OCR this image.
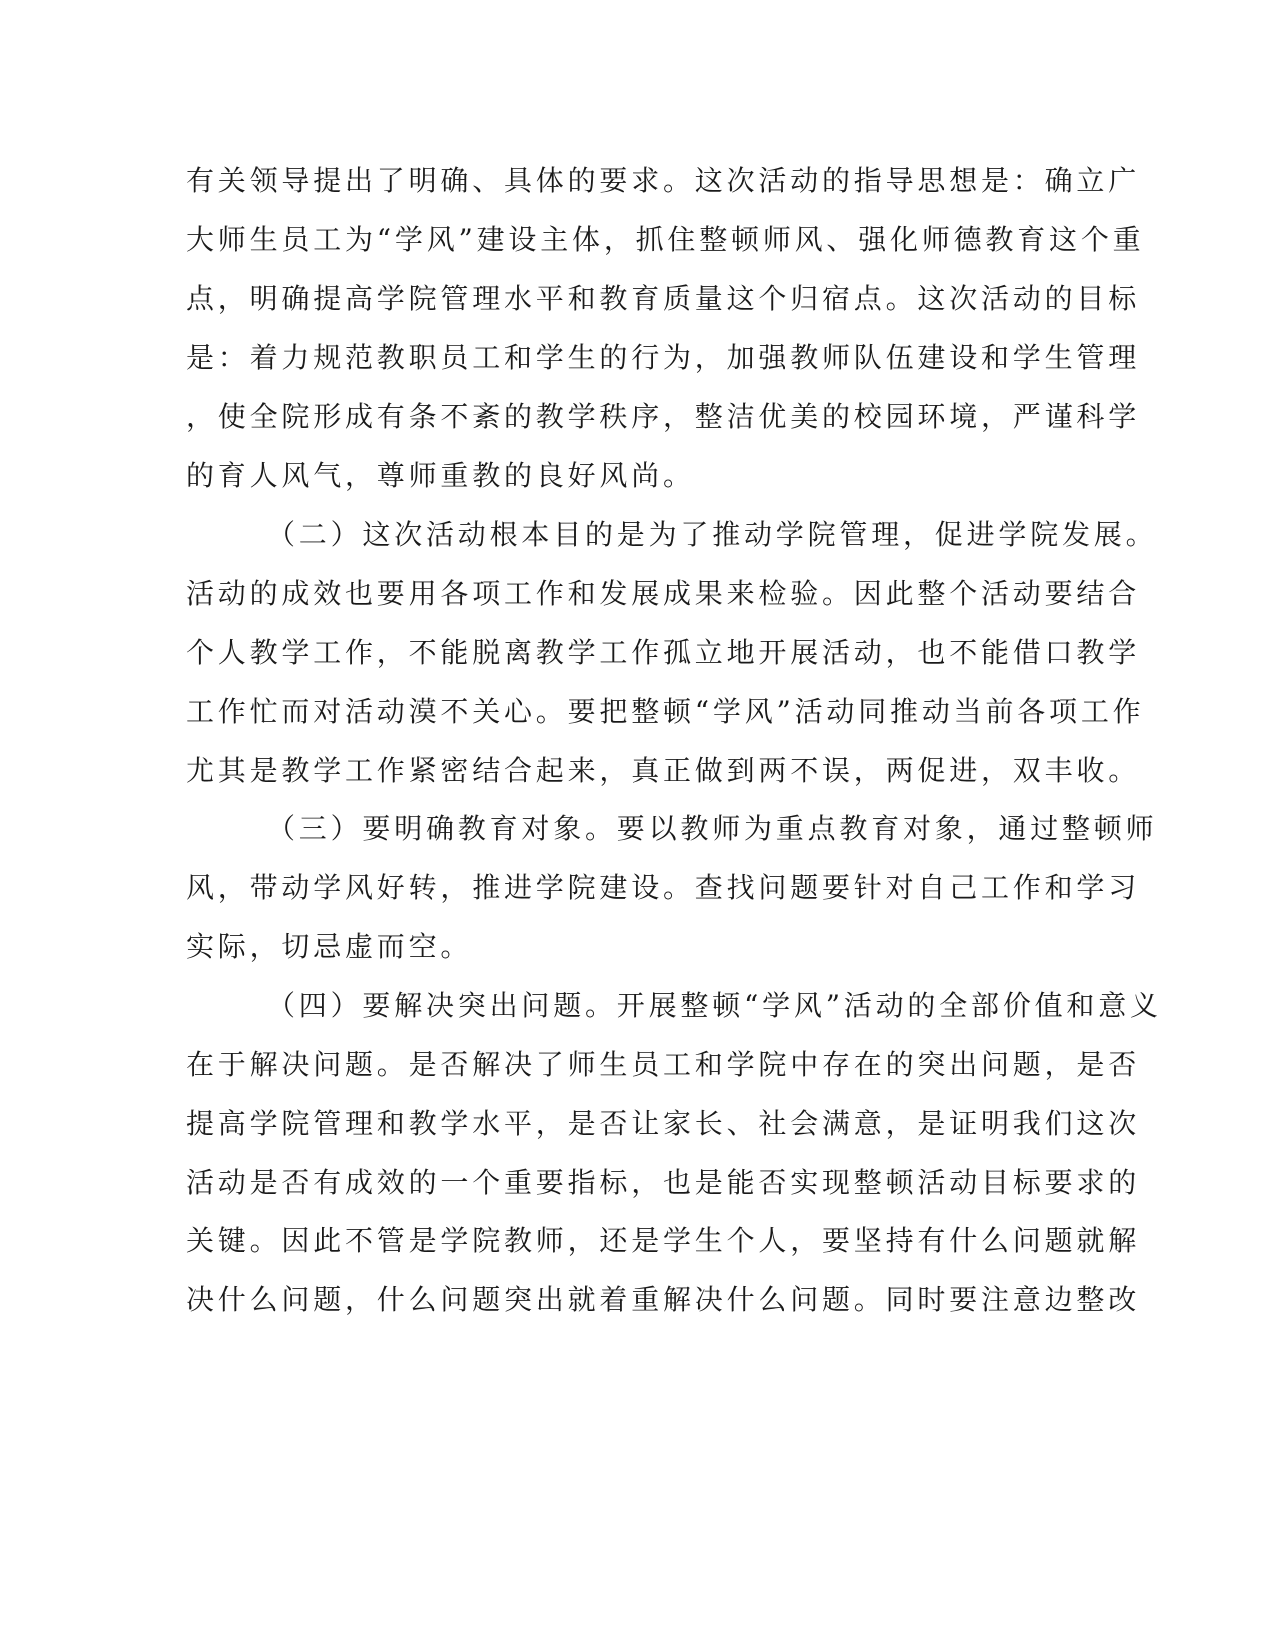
有关领导提出了明确、具体的要求。这次活动的指导思想是：确立广
大师生员工为“学风”建设主体，抓住整顿师风、强化师德教育这个重
点，明确提高学院管理水平和教育质量这个归宿点。这次活动的目标
是：着力规范教职员工和学生的行为，加强教师队伍建设和学生管理
，使全院形成有条不紊的教学秩序，整洁优美的校园环境，严谨科学
的育人风气，尊师重教的良好风尚。
（二）这次活动根本目的是为了推动学院管理，促进学院发展。
活动的成效也要用各项工作和发展成果来检验。因此整个活动要结合
个人教学工作，不能脱离教学工作孤立地开展活动，也不能借口教学
工作忙而对活动漠不关心。要把整顿“学风”活动同推动当前各项工作
尤其是教学工作紧密结合起来，真正做到两不误，两促进，双丰收。
（三）要明确教育对象。要以教师为重点教育对象，通过整顿师
风，带动学风好转，推进学院建设。查找问题要针对自己工作和学习
实际，切忌虚而空。
（四）要解决突出问题。开展整顿“学风”活动的全部价值和意义
在于解决问题。是否解决了师生员工和学院中存在的突出问题，是否
提高学院管理和教学水平，是否让家长、社会满意，是证明我们这次
活动是否有成效的一个重要指标，也是能否实现整顿活动目标要求的
关键。因此不管是学院教师，还是学生个人，要坚持有什么问题就解
决什么问题，什么问题突出就着重解决什么问题。同时要注意边整改
